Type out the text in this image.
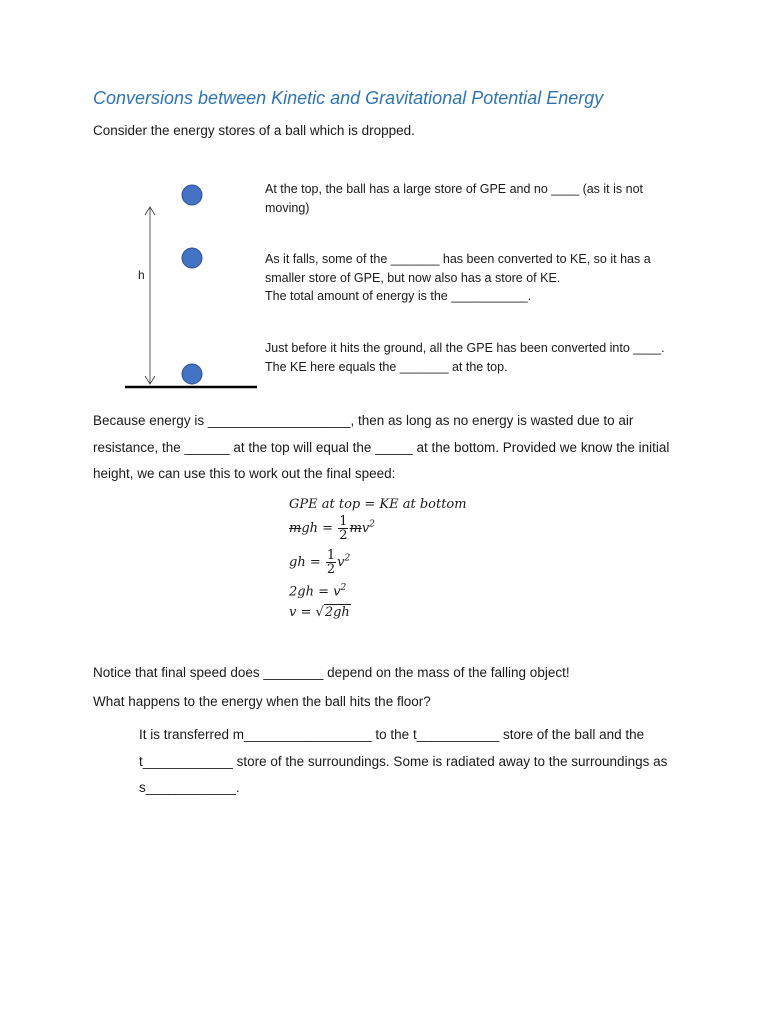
Conversions between Kinetic and Gravitational Potential Energy
Consider the energy stores of a ball which is dropped.
h
At the top, the ball has a large store of GPE and no ____ (as it is not moving)
As it falls, some of the _______ has been converted to KE, so it has a smaller store of GPE, but now also has a store of KE.
The total amount of energy is the ___________.
Just before it hits the ground, all the GPE has been converted into ____.
The KE here equals the _______ at the top.
Because energy is ___________________, then as long as no energy is wasted due to air resistance, the ______ at the top will equal the _____ at the bottom. Provided we know the initial height, we can use this to work out the final speed:
GPE at top = KE at bottom
mgh = $\frac{1}{2} mv^2$
gh = $\frac{1}{2} v^2$
$2gh = v^2$
v = √2gh
Notice that final speed does ________ depend on the mass of the falling object!
What happens to the energy when the ball hits the floor?
It is transferred m_________________ to the t___________ store of the ball and the t____________ store of the surroundings. Some is radiated away to the surroundings as s____________.
